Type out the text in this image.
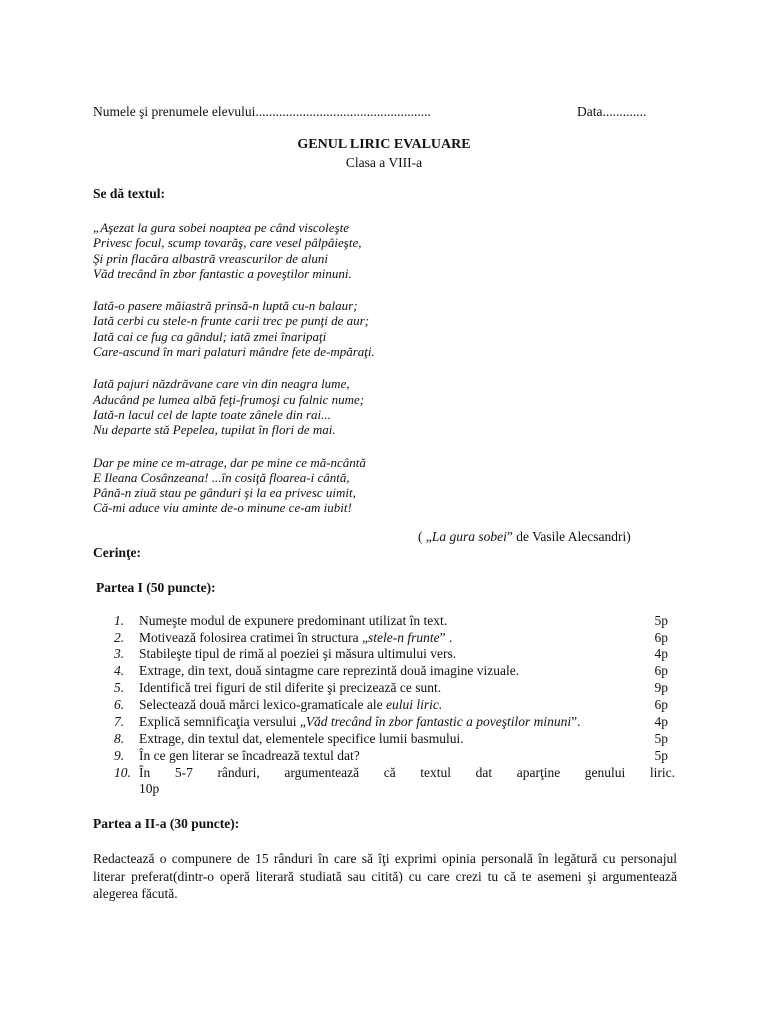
Numele şi prenumele elevului....................................................	Data.............
GENUL LIRIC EVALUARE
Clasa a VIII-a
Se dă textul:
„Aşezat la gura sobei noaptea pe când viscoleşte
Privesc focul, scump tovarăş, care vesel pâlpâieşte,
Şi prin flacăra albastră vreascurilor de aluni
Văd trecând în zbor fantastic a poveştilor minuni.
Iată-o pasere măiastră prinsă-n luptă cu-n balaur;
Iată cerbi cu stele-n frunte carii trec pe punţi de aur;
Iată cai ce fug ca gândul; iată zmei înaripaţi
Care-ascund în mari palaturi mândre fete de-mpăraţi.
Iată pajuri năzdrăvane care vin din neagra lume,
Aducând pe lumea albă feţi-frumoşi cu falnic nume;
Iată-n lacul cel de lapte toate zânele din rai...
Nu departe stă Pepelea, tupilat în flori de mai.
Dar pe mine ce m-atrage, dar pe mine ce mă-ncântă
E Ileana Cosânzeana! ...în cosiţă floarea-i cântă,
Până-n ziuă stau pe gânduri şi la ea privesc uimit,
Că-mi aduce viu aminte de-o minune ce-am iubit!
( „La gura sobei” de Vasile Alecsandri)
Cerinţe:
Partea I (50 puncte):
1. Numeşte modul de expunere predominant utilizat în text.	5p
2. Motivează folosirea cratimei în structura „stele-n frunte” .	6p
3. Stabileşte tipul de rimă al poeziei şi măsura ultimului vers.	4p
4. Extrage, din text, două sintagme care reprezintă două imagine vizuale.	6p
5. Identifică trei figuri de stil diferite şi precizează ce sunt.	9p
6. Selectează două mărci lexico-gramaticale ale eului liric.	6p
7. Explică semnificaţia versului „Văd trecând în zbor fantastic a poveştilor minuni”.	4p
8. Extrage, din textul dat, elementele specifice lumii basmului.	5p
9. În ce gen literar se încadrează textul dat?	5p
10. În 5-7 rânduri, argumentează că textul dat aparţine genului liric.
10p
Partea a II-a (30 puncte):
Redactează o compunere de 15 rânduri în care să îţi exprimi opinia personală în legătură cu personajul literar preferat(dintr-o operă literară studiată sau citită) cu care crezi tu că te asemeni şi argumentează alegerea făcută.
